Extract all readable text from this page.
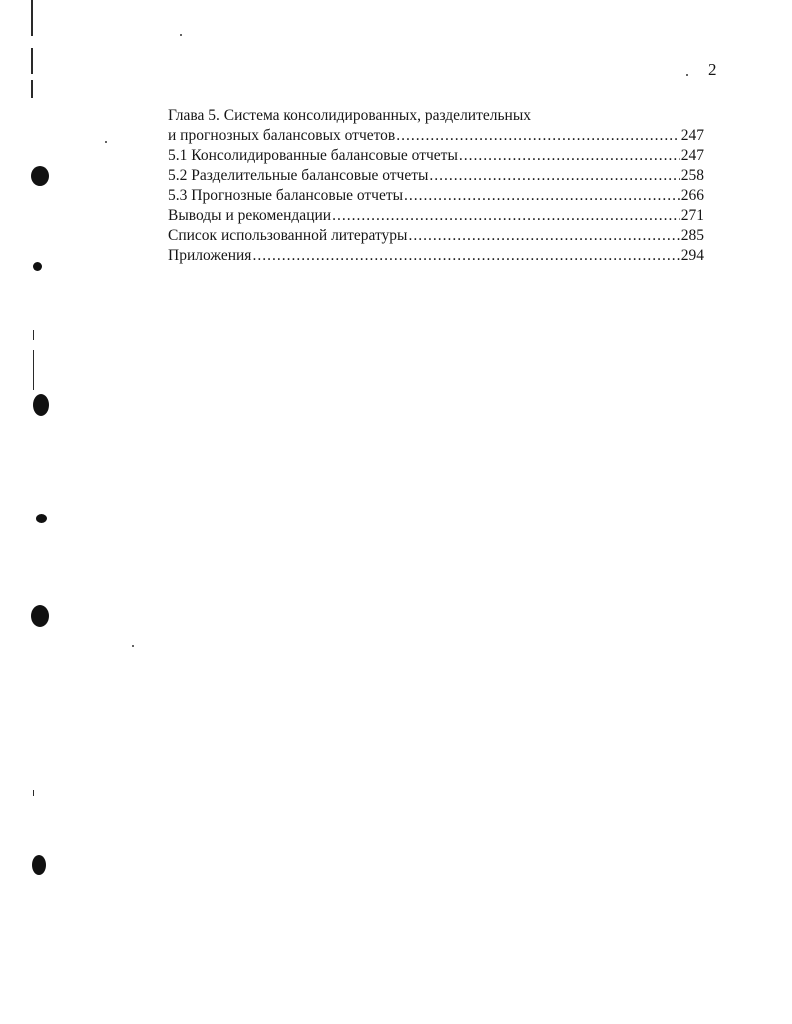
2
Глава 5. Система консолидированных, разделительных
и прогнозных балансовых отчетов .....	247
5.1 Консолидированные балансовые отчеты .....	247
5.2 Разделительные балансовые отчеты .....	258
5.3 Прогнозные балансовые отчеты .....	266
Выводы и рекомендации .....	271
Список использованной литературы .....	285
Приложения .....	294
